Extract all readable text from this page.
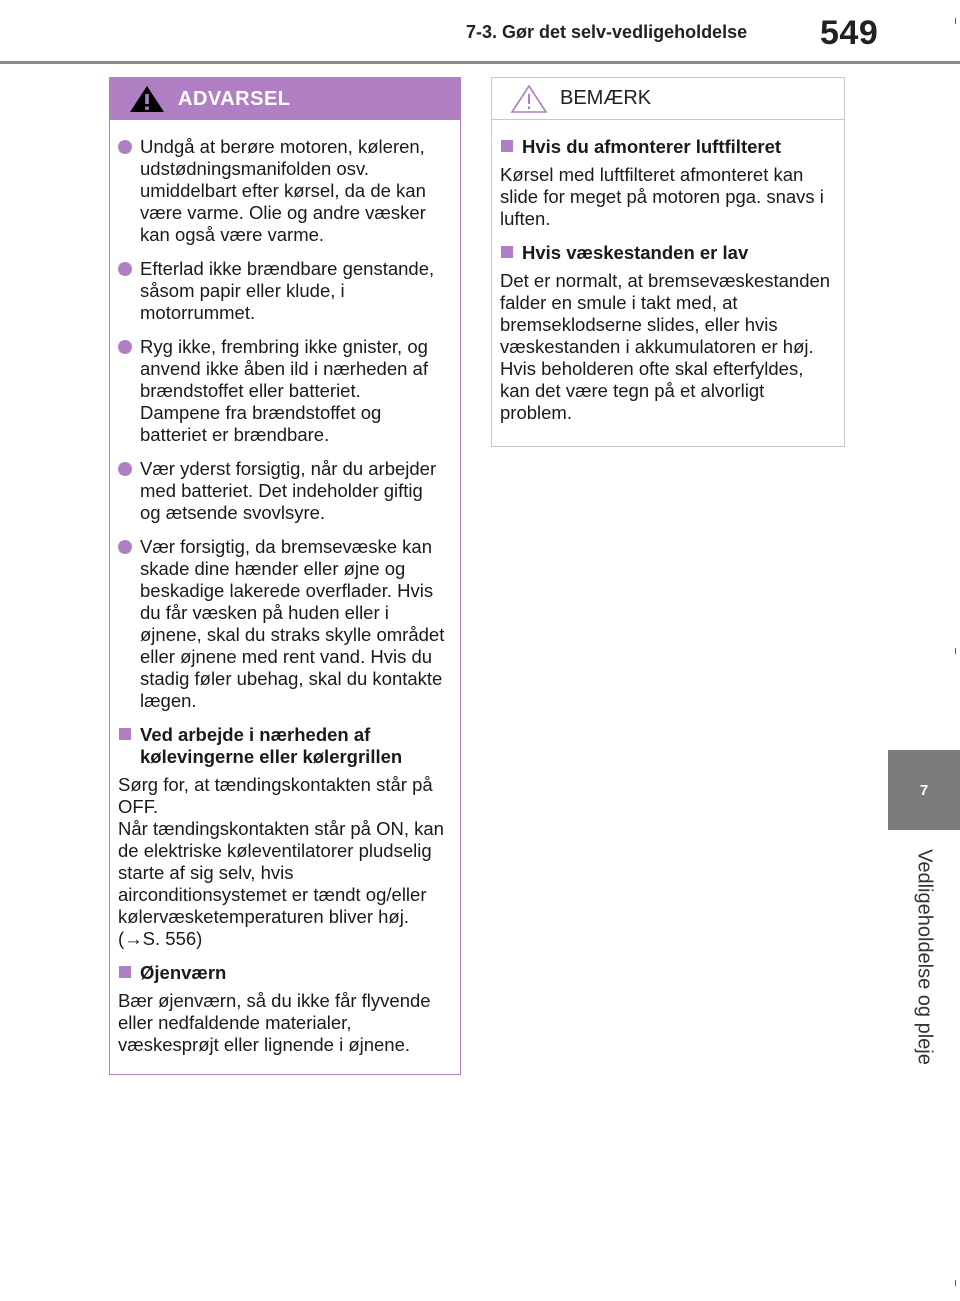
7-3. Gør det selv-vedligeholdelse 549
7
Vedligeholdelse og pleje
ADVARSEL
Undgå at berøre motoren, køleren, udstødningsmanifolden osv. umiddelbart efter kørsel, da de kan være varme. Olie og andre væsker kan også være varme.
Efterlad ikke brændbare genstande, såsom papir eller klude, i motorrummet.
Ryg ikke, frembring ikke gnister, og anvend ikke åben ild i nærheden af brændstoffet eller batteriet. Dampene fra brændstoffet og batteriet er brændbare.
Vær yderst forsigtig, når du arbejder med batteriet. Det indeholder giftig og ætsende svovlsyre.
Vær forsigtig, da bremsevæske kan skade dine hænder eller øjne og beskadige lakerede overflader. Hvis du får væsken på huden eller i øjnene, skal du straks skylle området eller øjnene med rent vand. Hvis du stadig føler ubehag, skal du kontakte lægen.
Ved arbejde i nærheden af kølevingerne eller kølergrillen

Sørg for, at tændingskontakten står på OFF.

Når tændingskontakten står på ON, kan de elektriske køleventilatorer pludselig starte af sig selv, hvis airconditionsystemet er tændt og/eller kølervæsketemperaturen bliver høj.

(→S. 556)

Øjenværn

Bær øjenværn, så du ikke får flyvende eller nedfaldende materialer, væskesprøjt eller lignende i øjnene.

BEMÆRK
Hvis du afmonterer luftfilteret

Kørsel med luftfilteret afmonteret kan slide for meget på motoren pga. snavs i luften.

Hvis væskestanden er lav

Det er normalt, at bremsevæskestanden falder en smule i takt med, at bremseklodserne slides, eller hvis væskestanden i akkumulatoren er høj.

Hvis beholderen ofte skal efterfyldes, kan det være tegn på et alvorligt problem.
